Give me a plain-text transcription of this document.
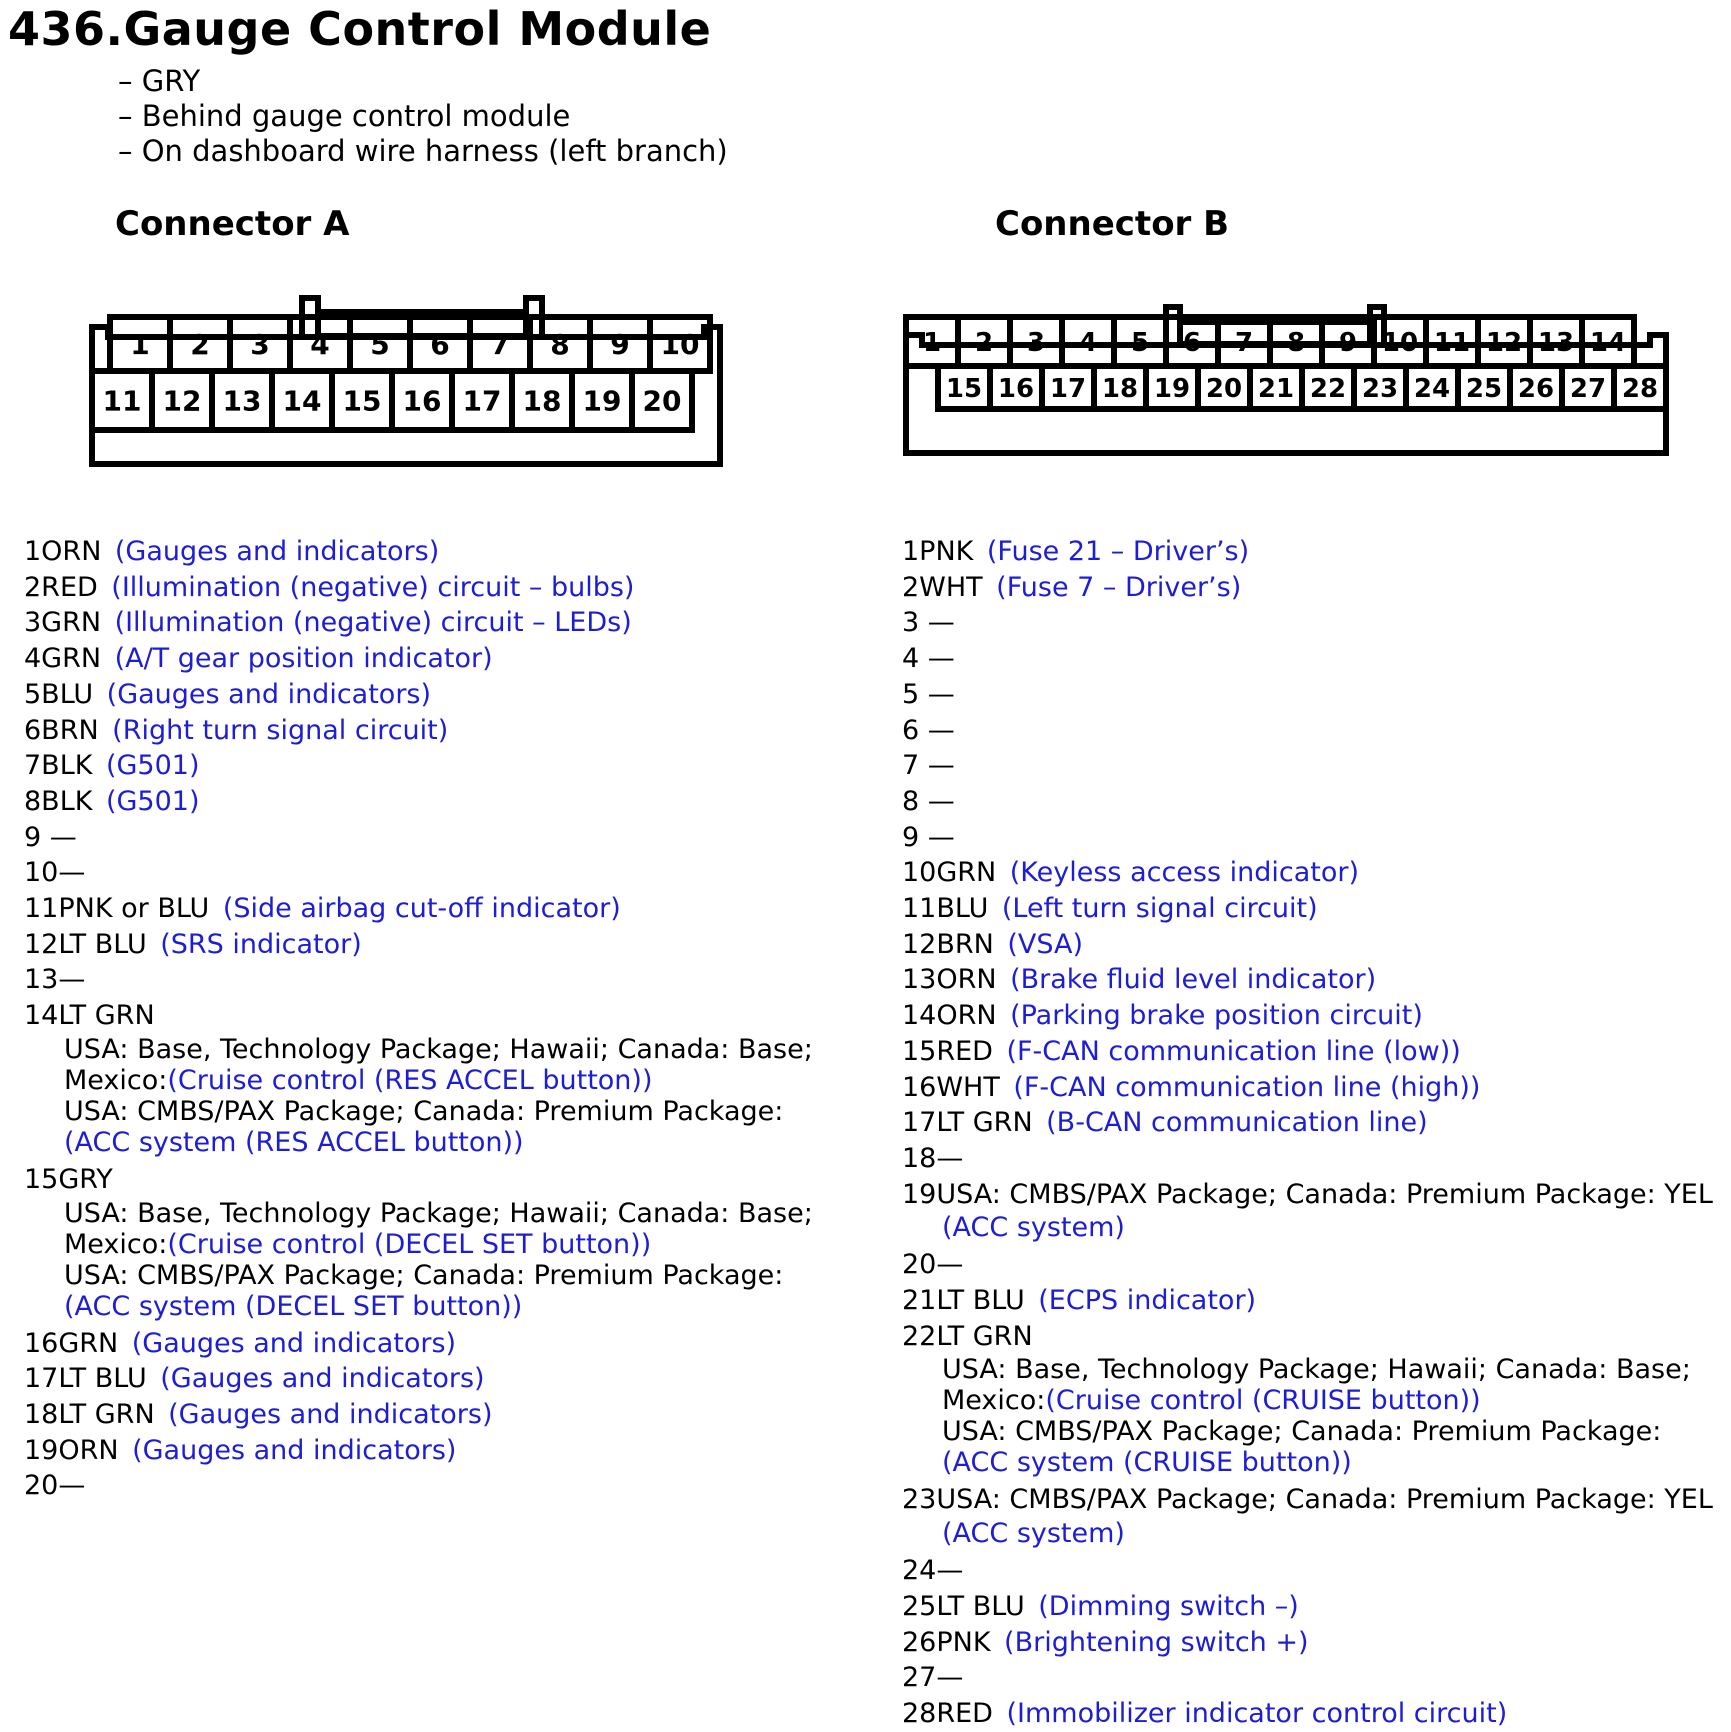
436.Gauge Control Module
– GRY
– Behind gauge control module
– On dashboard wire harness (left branch)
Connector A	Connector B
1 2 3 4 5 6 7 8 9 10
11 12 13 14 15 16 17 18 19 20
1 2 3 4 5 6 7 8 9 10 11 12 13 14
15 16 17 18 19 20 21 22 23 24 25 26 27 28
1ORN  (Gauges and indicators)
2RED  (Illumination (negative) circuit – bulbs)
3GRN  (Illumination (negative) circuit – LEDs)
4GRN  (A/T gear position indicator)
5BLU  (Gauges and indicators)
6BRN  (Right turn signal circuit)
7BLK  (G501)
8BLK  (G501)
9 —
10—
11PNK or BLU  (Side airbag cut-off indicator)
12LT BLU  (SRS indicator)
13—
14LT GRN
USA: Base, Technology Package; Hawaii; Canada: Base;
Mexico:(Cruise control (RES ACCEL button))
USA: CMBS/PAX Package; Canada: Premium Package:
(ACC system (RES ACCEL button))
15GRY
USA: Base, Technology Package; Hawaii; Canada: Base;
Mexico:(Cruise control (DECEL SET button))
USA: CMBS/PAX Package; Canada: Premium Package:
(ACC system (DECEL SET button))
16GRN  (Gauges and indicators)
17LT BLU  (Gauges and indicators)
18LT GRN  (Gauges and indicators)
19ORN  (Gauges and indicators)
20—
1PNK  (Fuse 21 – Driver’s)
2WHT  (Fuse 7 – Driver’s)
3 —
4 —
5 —
6 —
7 —
8 —
9 —
10GRN  (Keyless access indicator)
11BLU  (Left turn signal circuit)
12BRN  (VSA)
13ORN  (Brake fluid level indicator)
14ORN  (Parking brake position circuit)
15RED  (F-CAN communication line (low))
16WHT  (F-CAN communication line (high))
17LT GRN  (B-CAN communication line)
18—
19USA: CMBS/PAX Package; Canada: Premium Package: YEL
(ACC system)
20—
21LT BLU  (ECPS indicator)
22LT GRN
USA: Base, Technology Package; Hawaii; Canada: Base;
Mexico:(Cruise control (CRUISE button))
USA: CMBS/PAX Package; Canada: Premium Package:
(ACC system (CRUISE button))
23USA: CMBS/PAX Package; Canada: Premium Package: YEL
(ACC system)
24—
25LT BLU  (Dimming switch –)
26PNK  (Brightening switch +)
27—
28RED  (Immobilizer indicator control circuit)
